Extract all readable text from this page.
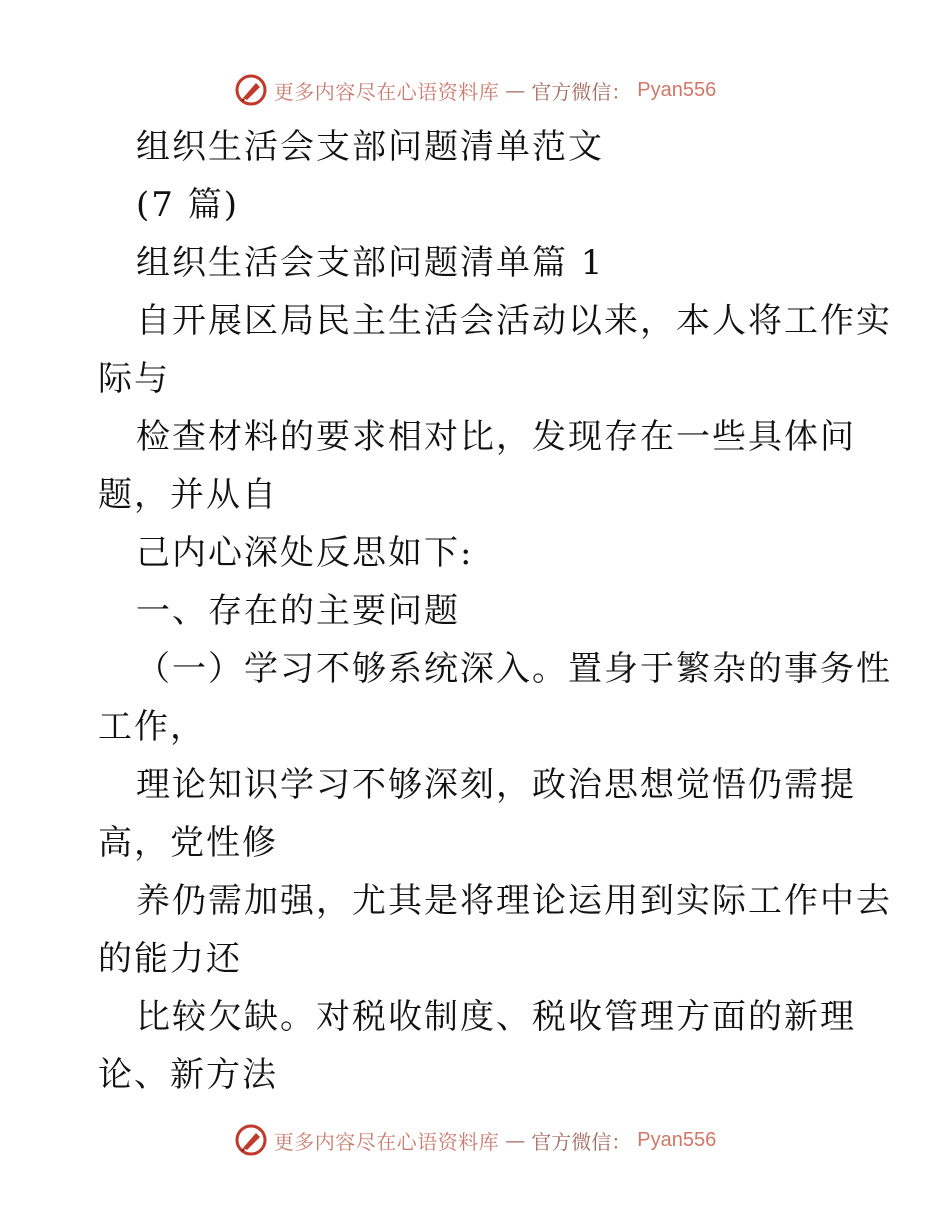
更多内容尽在心语资料库 — 官方微信： Pyan556
组织生活会支部问题清单范文
(7 篇)
组织生活会支部问题清单篇 1
自开展区局民主生活会活动以来，本人将工作实
际与
检查材料的要求相对比，发现存在一些具体问
题，并从自
己内心深处反思如下:
一、存在的主要问题
（一）学习不够系统深入。置身于繁杂的事务性
工作，
理论知识学习不够深刻，政治思想觉悟仍需提
高，党性修
养仍需加强，尤其是将理论运用到实际工作中去
的能力还
比较欠缺。对税收制度、税收管理方面的新理
论、新方法
更多内容尽在心语资料库 — 官方微信： Pyan556
